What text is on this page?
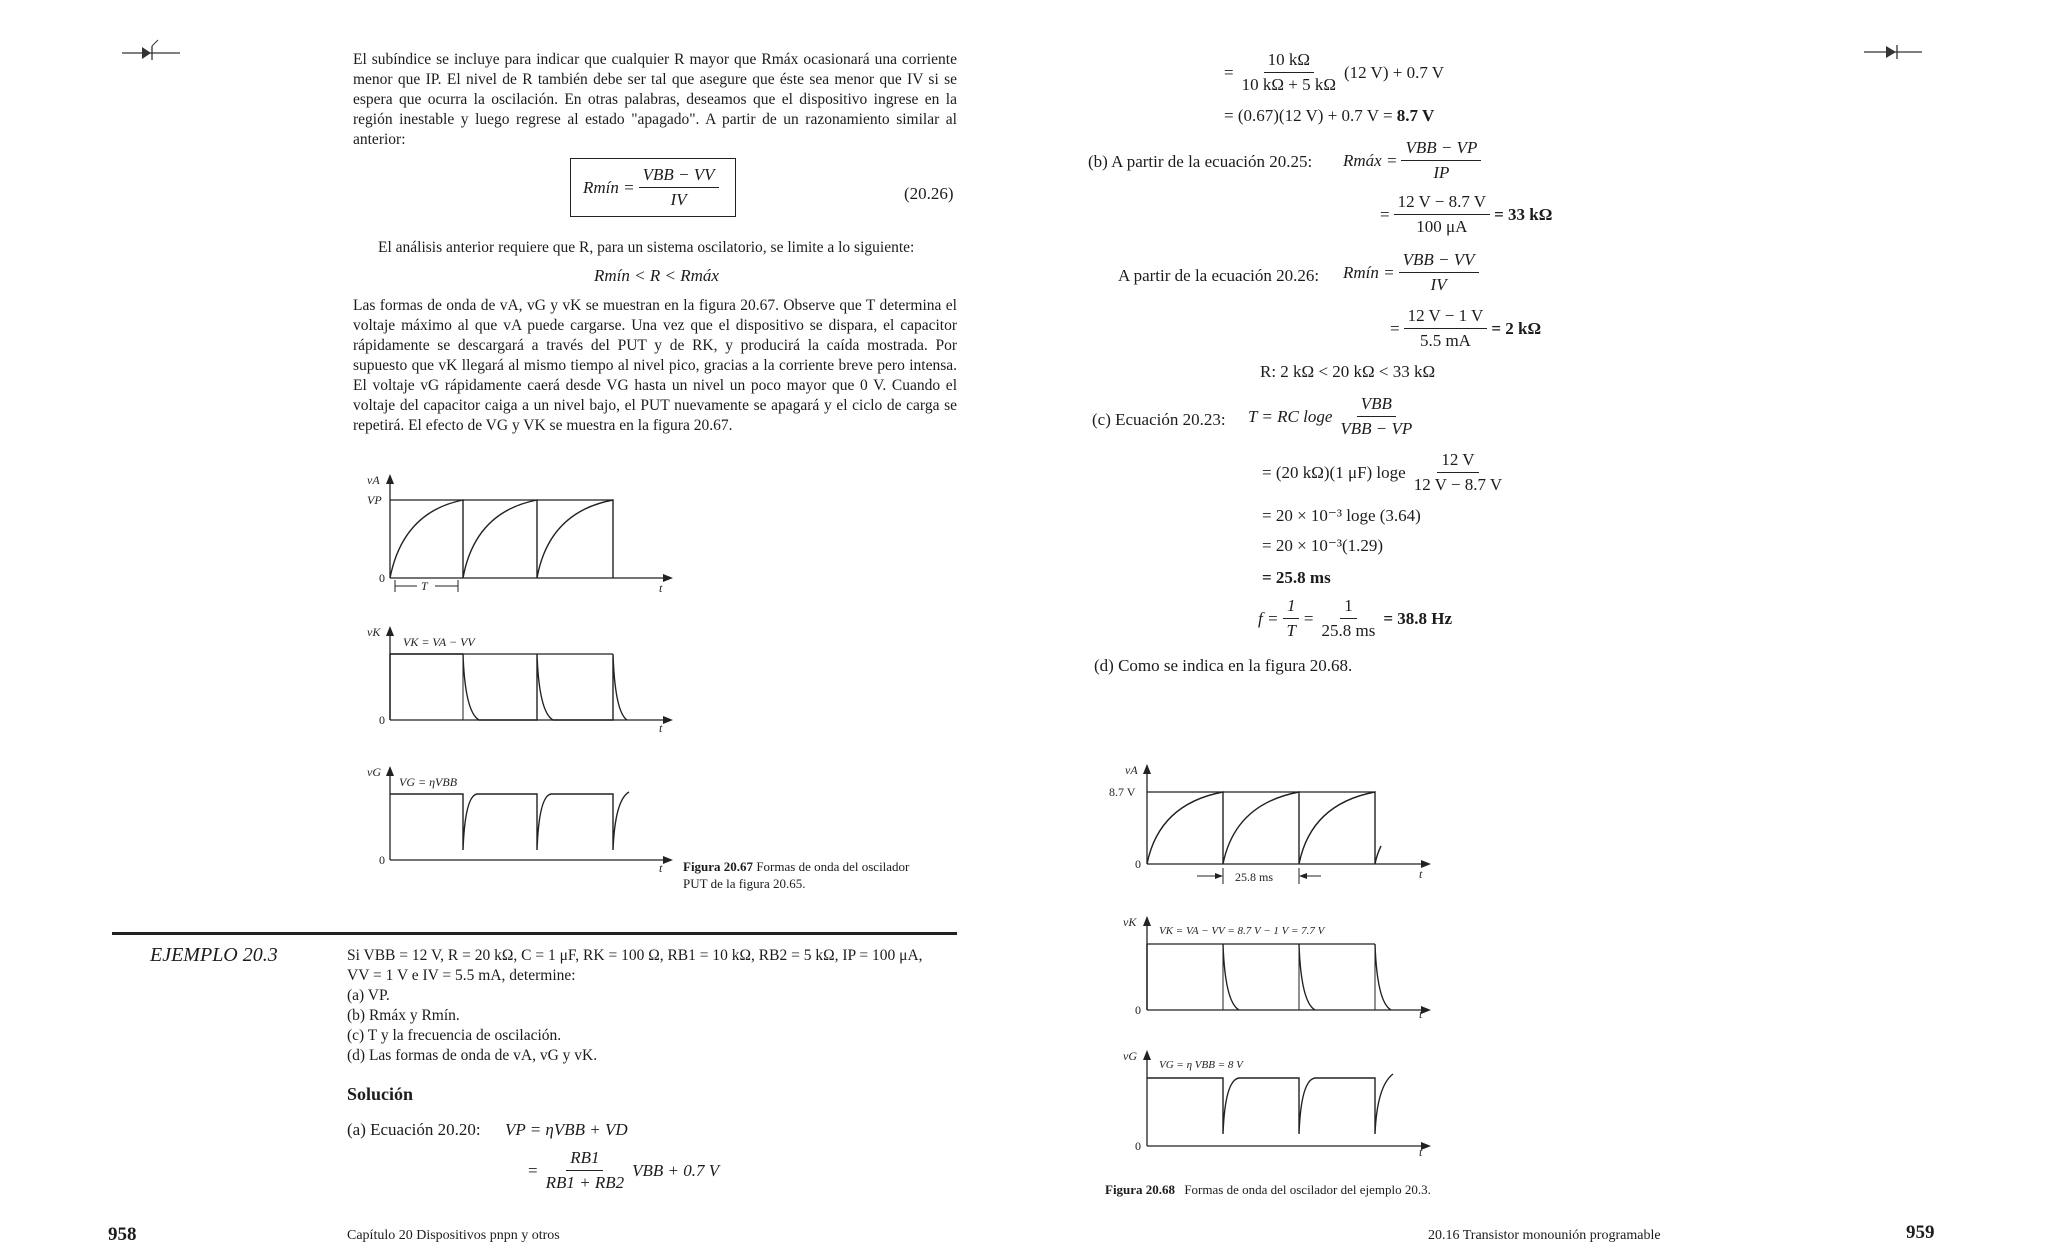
El subíndice se incluye para indicar que cualquier R mayor que Rmáx ocasionará una corriente menor que IP. El nivel de R también debe ser tal que asegure que éste sea menor que IV si se espera que ocurra la oscilación. En otras palabras, deseamos que el dispositivo ingrese en la región inestable y luego regrese al estado "apagado". A partir de un razonamiento similar al anterior:
Rmín = $\frac{\text{VBB − VV}}{IV}$	(20.26)
El análisis anterior requiere que R, para un sistema oscilatorio, se limite a lo siguiente:
Rmín < R < Rmáx
Las formas de onda de vA, vG y vK se muestran en la figura 20.67. Observe que T determina el voltaje máximo al que vA puede cargarse. Una vez que el dispositivo se dispara, el capacitor rápidamente se descargará a través del PUT y de RK, y producirá la caída mostrada. Por supuesto que vK llegará al mismo tiempo al nivel pico, gracias a la corriente breve pero intensa. El voltaje vG rápidamente caerá desde VG hasta un nivel un poco mayor que 0 V. Cuando el voltaje del capacitor caiga a un nivel bajo, el PUT nuevamente se apagará y el ciclo de carga se repetirá. El efecto de VG y VK se muestra en la figura 20.67.
vA
VP
0
t
T
vK
VK = VA − VV
0
t
vG
VG = ηVBB
0
t Figura 20.67 Formas de onda del oscilador PUT de la figura 20.65.
EJEMPLO 20.3	Si VBB = 12 V, R = 20 kΩ, C = 1 μF, RK = 100 Ω, RB1 = 10 kΩ, RB2 = 5 kΩ, IP = 100 μA,
VV = 1 V e IV = 5.5 mA, determine:
(a) VP.
(b) Rmáx y Rmín.
(c) T y la frecuencia de oscilación.
(d) Las formas de onda de vA, vG y vK.
Solución
(a) Ecuación 20.20: VP = ηVBB + VD
= $\frac{RB1}{RB1 + RB2}$ VBB + 0.7 V
958	Capítulo 20 Dispositivos pnpn y otros
= $\frac{10 k\Omega}{10 k\Omega + 5 k\Omega} (12$ V) + 0.7 V
= (0.67)(12 V) + 0.7 V = 8.7 V
(b) A partir de la ecuación 20.25: Rmáx = $\frac{\text{VBB − VP}}{IP}$
= $\frac{12 V - 8.7 V}{100 \mu A} = 33$ kΩ
A partir de la ecuación 20.26: Rmín = $\frac{\text{VBB − VV}}{IV}$
= $\frac{12 V - 1 V}{5.5 mA} = 2$ kΩ
R: 2 kΩ < 20 kΩ < 33 kΩ
(c) Ecuación 20.23: T = RC loge $\frac{\text{VBB}}{\text{VBB − VP}}$
= (20 kΩ)(1 μF) loge $\frac{12 V}{12 V - 8.7 V}$
= 20 × 10⁻³ loge (3.64)
= 20 × 10⁻³(1.29)
= 25.8 ms
$f = \frac{1}{T} = \frac{1}{25.8 ms} = 38.8$ Hz
(d) Como se indica en la figura 20.68.
vA
8.7 V
0
t
25.8 ms
vK
VK = VA − VV = 8.7 V − 1 V = 7.7 V
0	t
vG
VG = η VBB = 8 V
0	t
Figura 20.68 Formas de onda del oscilador del ejemplo 20.3.
20.16 Transistor monounión programable	959
